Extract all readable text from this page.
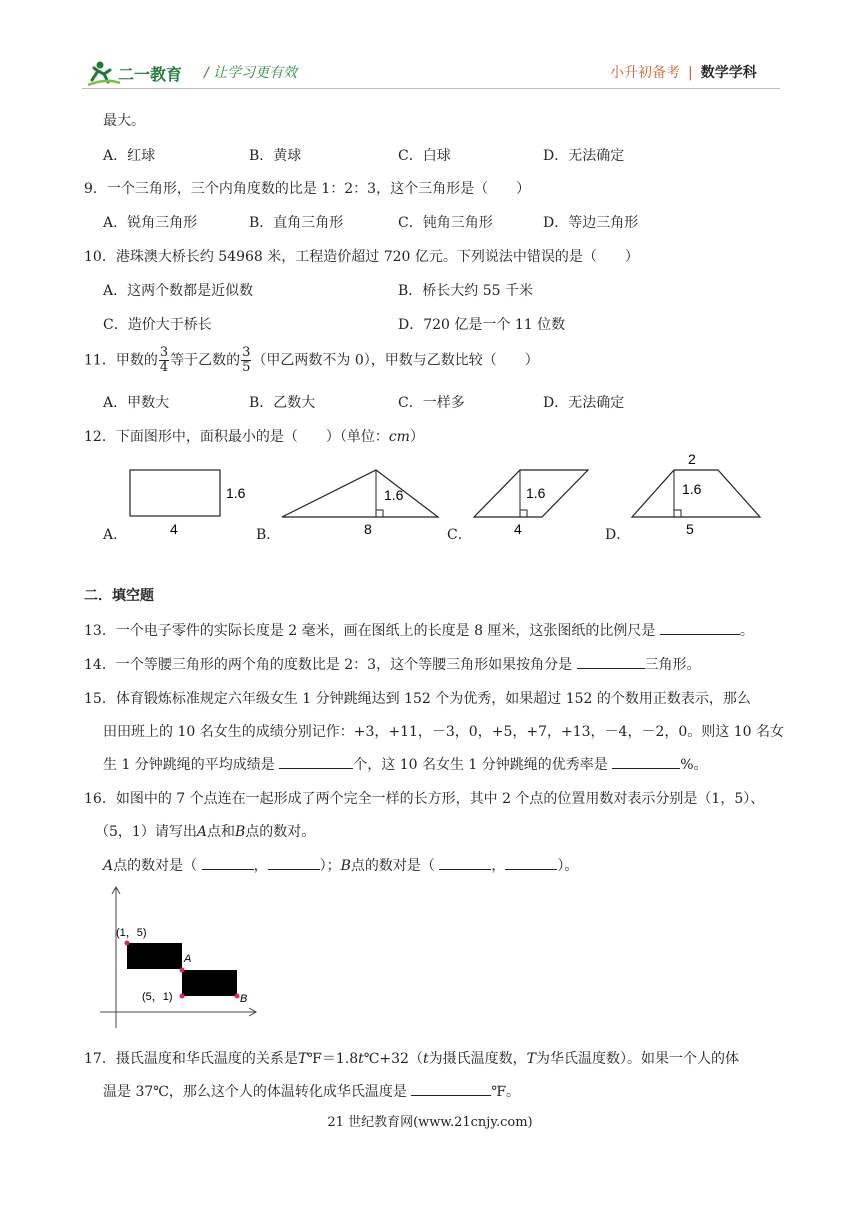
二一教育 / 让学习更有效	小升初备考 | 数学学科
最大。
A．红球	B．黄球	C．白球	D．无法确定
9．一个三角形，三个内角度数的比是 1：2：3，这个三角形是（　　）
A．锐角三角形	B．直角三角形	C．钝角三角形	D．等边三角形
10．港珠澳大桥长约 54968 米，工程造价超过 720 亿元。下列说法中错误的是（　　）
A．这两个数都是近似数	B．桥长大约 55 千米
C．造价大于桥长	D．720 亿是一个 11 位数
11．甲数的 $\frac{3}{4}$ 等于乙数的 $\frac{3}{5}$ （甲乙两数不为 0），甲数与乙数比较（　　）
A．甲数大	B．乙数大	C．一样多	D．无法确定
12．下面图形中，面积最小的是（　　）（单位：cm）
A．
1.6
4	B．
1.6
8	C．
1.6
4	D．
2
1.6
5
二．填空题
13．一个电子零件的实际长度是 2 毫米，画在图纸上的长度是 8 厘米，这张图纸的比例尺是	。
14．一个等腰三角形的两个角的度数比是 2：3，这个等腰三角形如果按角分是	三角形。
15．体育锻炼标准规定六年级女生 1 分钟跳绳达到 152 个为优秀，如果超过 152 的个数用正数表示，那么
田田班上的 10 名女生的成绩分别记作：+3，+11，－3，0，+5，+7，+13，－4，－2，0。则这 10 名女
生 1 分钟跳绳的平均成绩是	个，这 10 名女生 1 分钟跳绳的优秀率是	%。
16．如图中的 7 个点连在一起形成了两个完全一样的长方形，其中 2 个点的位置用数对表示分别是（1，5）、
（5，1）请写出A点和B点的数对。
A点的数对是（	，	）；B点的数对是（	，	）。
(1，5)
A
(5，1)	B
17．摄氏温度和华氏温度的关系是T℉＝1.8t℃+32（t为摄氏温度数，T为华氏温度数）。如果一个人的体
温是 37℃，那么这个人的体温转化成华氏温度是	℉。
21 世纪教育网(www.21cnjy.com)
